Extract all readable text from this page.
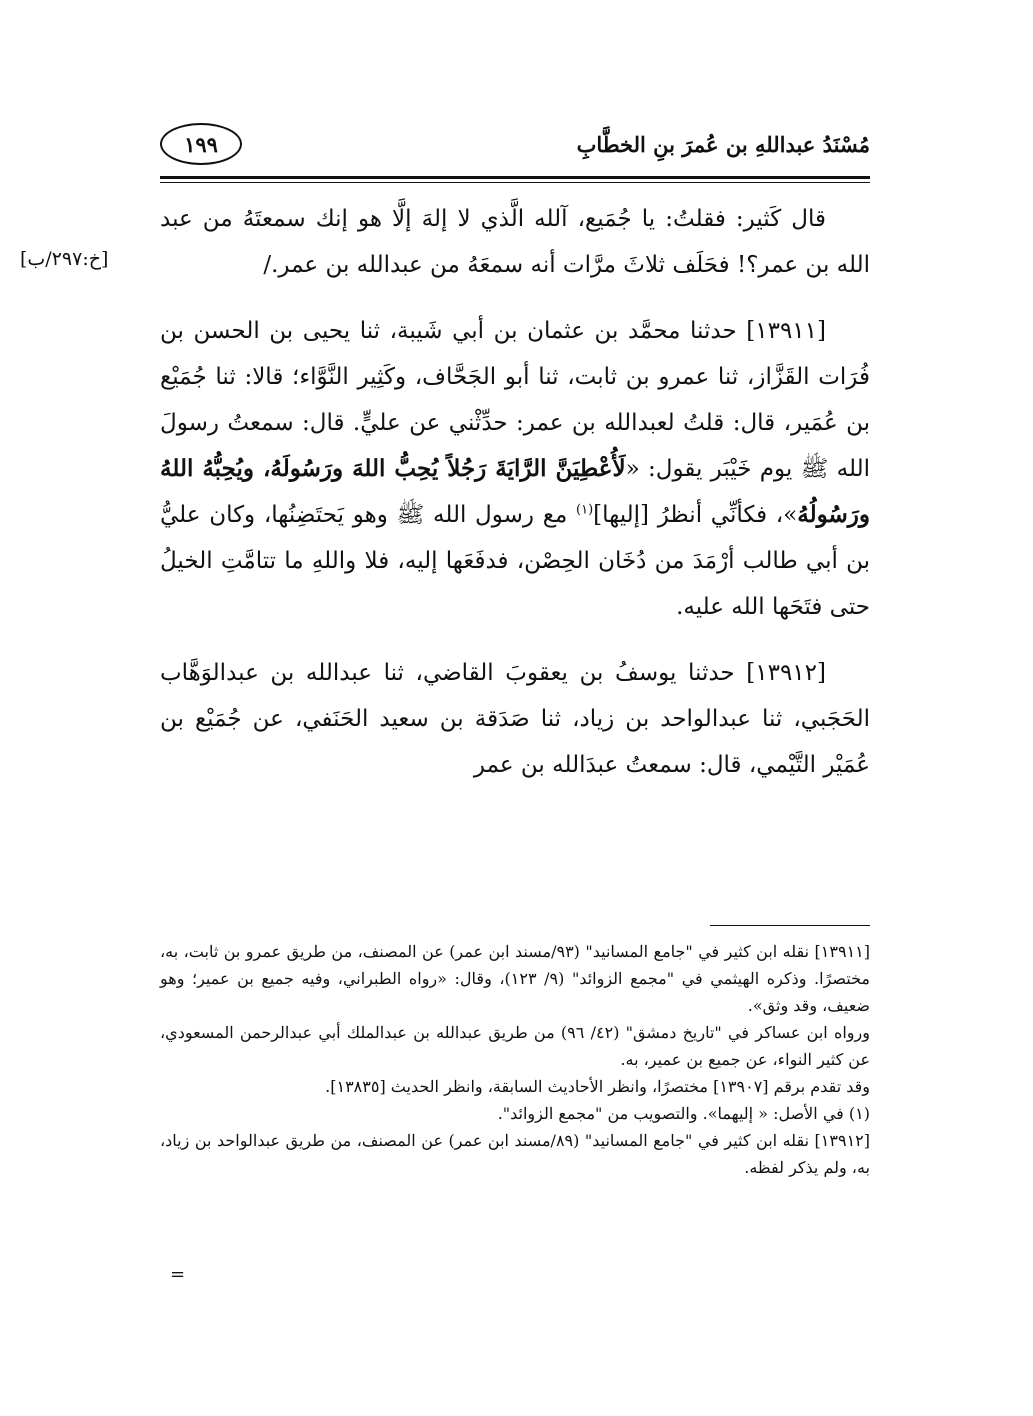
مُسْنَدُ عبداللهِ بن عُمرَ بنِ الخطَّابِ
١٩٩
[خ:٢٩٧/ب]

قال كَثير: فقلتُ: يا جُمَيع، آلله الَّذي لا إلهَ إلَّا هو إنك سمعتَهُ من عبد الله بن عمر؟! فحَلَف ثلاثَ مرَّات أنه سمعَهُ من عبدالله بن عمر./

[١٣٩١١] حدثنا محمَّد بن عثمان بن أبي شَيبة، ثنا يحيى بن الحسن بن فُرَات القَزَّاز، ثنا عمرو بن ثابت، ثنا أبو الجَحَّاف، وكَثِير النَّوَّاء؛ قالا: ثنا جُمَيْع بن عُمَير، قال: قلتُ لعبدالله بن عمر: حدِّثْني عن عليٍّ. قال: سمعتُ رسولَ الله ﷺ يوم خَيْبَر يقول: «لَأُعْطِيَنَّ الرَّايَةَ رَجُلاً يُحِبُّ اللهَ ورَسُولَهُ، ويُحِبُّهُ اللهُ ورَسُولُهُ»، فكأنِّي أنظرُ [إليها]$^{(١)}$ مع رسول الله ﷺ وهو يَحتَضِنُها، وكان عليُّ بن أبي طالب أرْمَدَ من دُخَان الحِصْن، فدفَعَها إليه، فلا واللهِ ما تتامَّتِ الخيلُ حتى فتَحَها الله عليه.

[١٣٩١٢] حدثنا يوسفُ بن يعقوبَ القاضي، ثنا عبدالله بن عبدالوَهَّاب الحَجَبي، ثنا عبدالواحد بن زياد، ثنا صَدَقة بن سعيد الحَنَفي، عن جُمَيْع بن عُمَيْر التَّيْمي، قال: سمعتُ عبدَالله بن عمر

[١٣٩١١] نقله ابن كثير في "جامع المسانيد" (٩٣/مسند ابن عمر) عن المصنف، من طريق عمرو بن ثابت، به، مختصرًا. وذكره الهيثمي في "مجمع الزوائد" (٩/ ١٢٣)، وقال: «رواه الطبراني، وفيه جميع بن عمير؛ وهو ضعيف، وقد وثق».

ورواه ابن عساكر في "تاريخ دمشق" (٤٢/ ٩٦) من طريق عبدالله بن عبدالملك أبي عبدالرحمن المسعودي، عن كثير النواء، عن جميع بن عمير، به.

وقد تقدم برقم [١٣٩٠٧] مختصرًا، وانظر الأحاديث السابقة، وانظر الحديث [١٣٨٣٥].

(١) في الأصل: « إليهما». والتصويب من "مجمع الزوائد".

[١٣٩١٢] نقله ابن كثير في "جامع المسانيد" (٨٩/مسند ابن عمر) عن المصنف، من طريق عبدالواحد بن زياد، به، ولم يذكر لفظه.

=
